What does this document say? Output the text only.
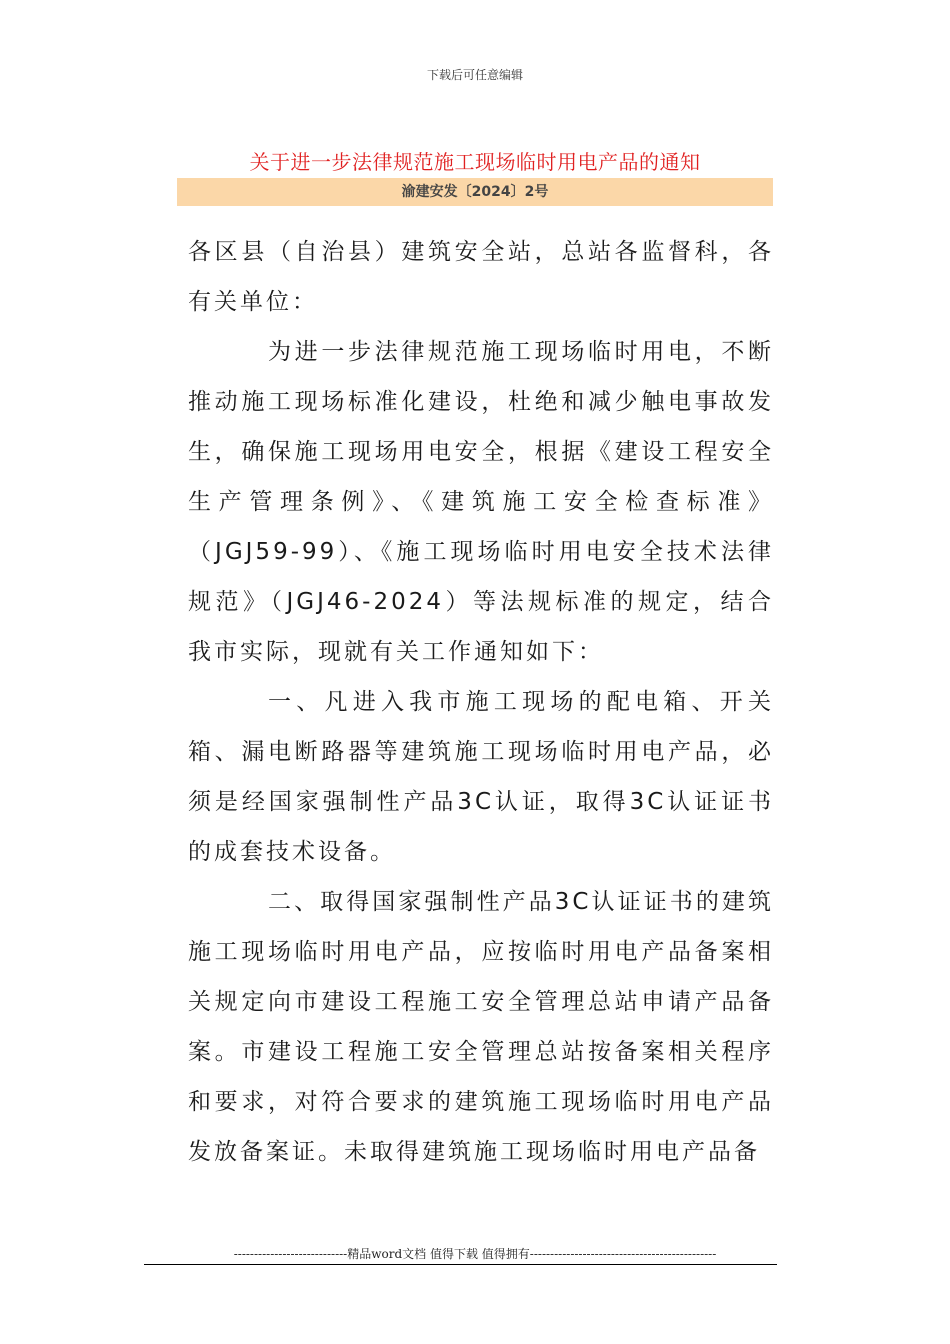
下载后可任意编辑
关于进一步法律规范施工现场临时用电产品的通知
渝建安发〔2024〕2号

各区县（自治县）建筑安全站，总站各监督科，各有关单位：

为进一步法律规范施工现场临时用电，不断推动施工现场标准化建设，杜绝和减少触电事故发生，确保施工现场用电安全，根据《建设工程安全生产管理条例》、《建筑施工安全检查标准》（JGJ59-99）、《施工现场临时用电安全技术法律规范》（JGJ46-2024）等法规标准的规定，结合我市实际，现就有关工作通知如下：

一、凡进入我市施工现场的配电箱、开关箱、漏电断路器等建筑施工现场临时用电产品，必须是经国家强制性产品3C认证，取得3C认证证书的成套技术设备。

二、取得国家强制性产品3C认证证书的建筑施工现场临时用电产品，应按临时用电产品备案相关规定向市建设工程施工安全管理总站申请产品备案。市建设工程施工安全管理总站按备案相关程序和要求，对符合要求的建筑施工现场临时用电产品发放备案证。未取得建筑施工现场临时用电产品备

----------------------------精品word文档 值得下载 值得拥有----------------------------------------------
